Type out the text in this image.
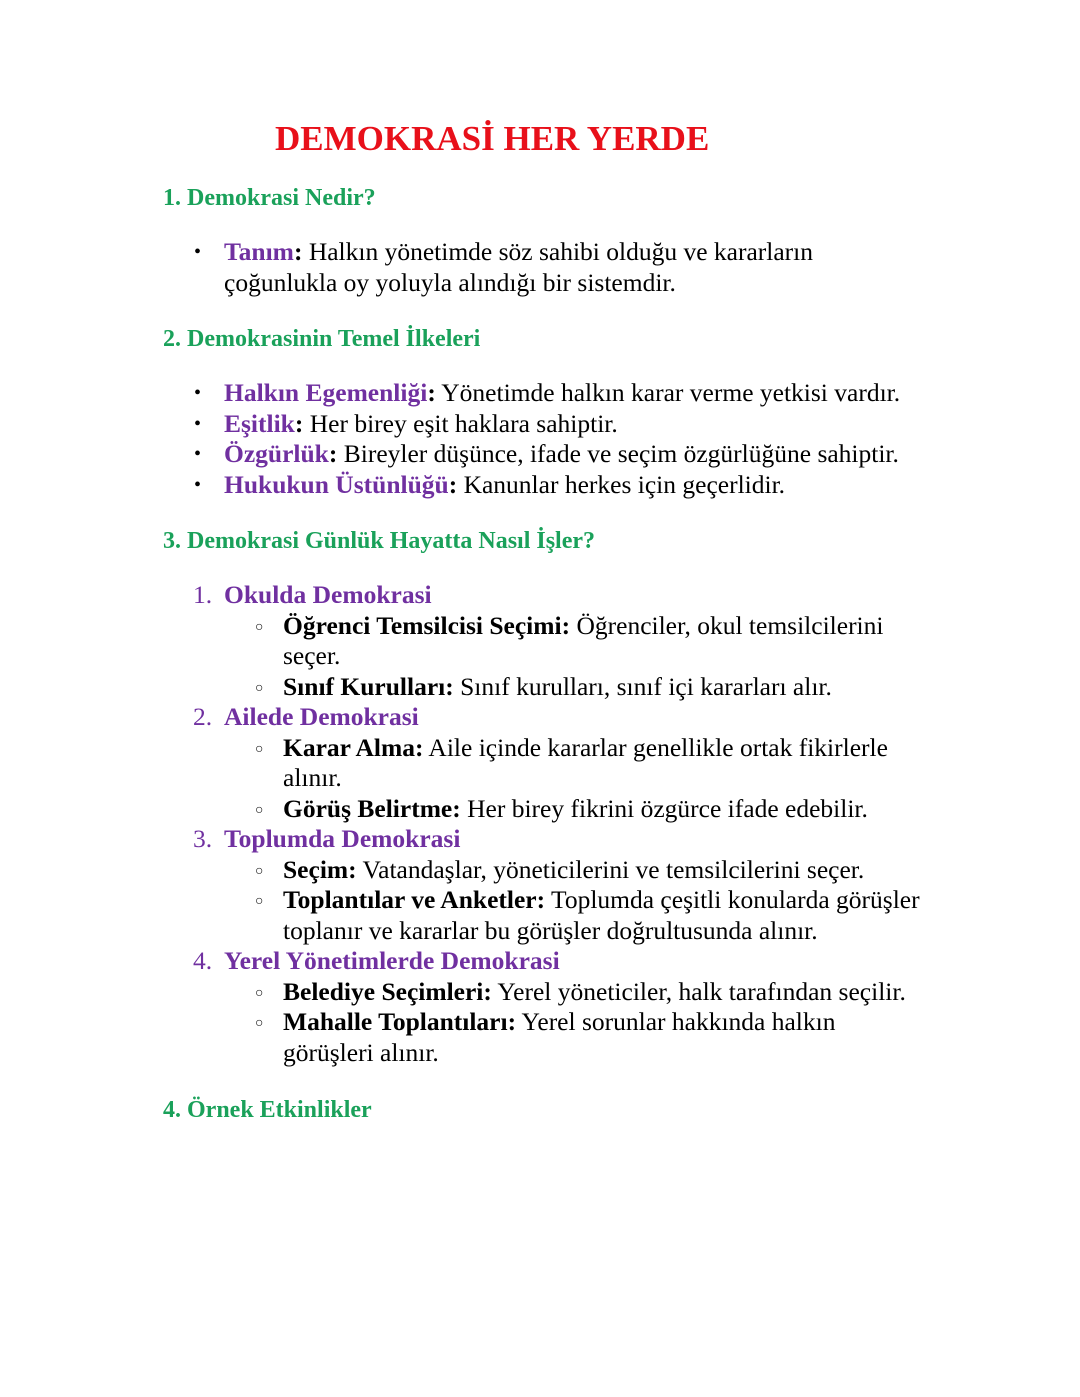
DEMOKRASİ HER YERDE
1. Demokrasi Nedir?
• Tanım: Halkın yönetimde söz sahibi olduğu ve kararların çoğunlukla oy yoluyla alındığı bir sistemdir.
2. Demokrasinin Temel İlkeleri
• Halkın Egemenliği: Yönetimde halkın karar verme yetkisi vardır.
• Eşitlik: Her birey eşit haklara sahiptir.
• Özgürlük: Bireyler düşünce, ifade ve seçim özgürlüğüne sahiptir.
• Hukukun Üstünlüğü: Kanunlar herkes için geçerlidir.
3. Demokrasi Günlük Hayatta Nasıl İşler?
1. Okulda Demokrasi
○ Öğrenci Temsilcisi Seçimi: Öğrenciler, okul temsilcilerini seçer.
○ Sınıf Kurulları: Sınıf kurulları, sınıf içi kararları alır.
2. Ailede Demokrasi
○ Karar Alma: Aile içinde kararlar genellikle ortak fikirlerle alınır.
○ Görüş Belirtme: Her birey fikrini özgürce ifade edebilir.
3. Toplumda Demokrasi
○ Seçim: Vatandaşlar, yöneticilerini ve temsilcilerini seçer.
○ Toplantılar ve Anketler: Toplumda çeşitli konularda görüşler toplanır ve kararlar bu görüşler doğrultusunda alınır.
4. Yerel Yönetimlerde Demokrasi
○ Belediye Seçimleri: Yerel yöneticiler, halk tarafından seçilir.
○ Mahalle Toplantıları: Yerel sorunlar hakkında halkın görüşleri alınır.
4. Örnek Etkinlikler
